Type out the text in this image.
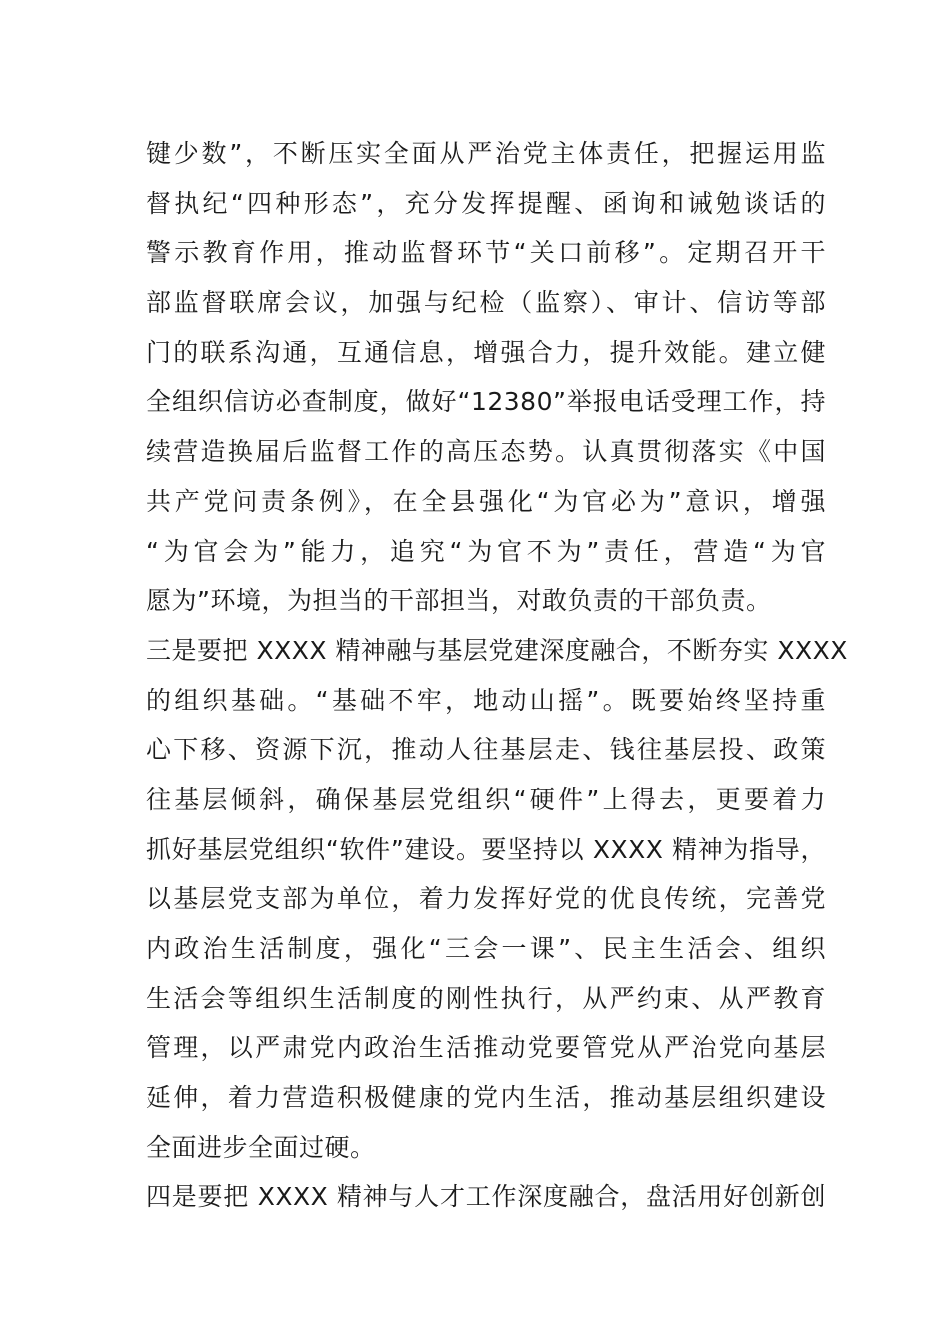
键少数”，不断压实全面从严治党主体责任，把握运用监
督执纪“四种形态”，充分发挥提醒、函询和诫勉谈话的
警示教育作用，推动监督环节“关口前移”。定期召开干
部监督联席会议，加强与纪检（监察）、审计、信访等部
门的联系沟通，互通信息，增强合力，提升效能。建立健
全组织信访必查制度，做好“12380”举报电话受理工作，持
续营造换届后监督工作的高压态势。认真贯彻落实《中国
共产党问责条例》，在全县强化“为官必为”意识，增强
“为官会为”能力，追究“为官不为”责任，营造“为官
愿为”环境，为担当的干部担当，对敢负责的干部负责。
三是要把 XXXX 精神融与基层党建深度融合，不断夯实 XXXX
的组织基础。“基础不牢，地动山摇”。既要始终坚持重
心下移、资源下沉，推动人往基层走、钱往基层投、政策
往基层倾斜，确保基层党组织“硬件”上得去，更要着力
抓好基层党组织“软件”建设。要坚持以 XXXX 精神为指导，
以基层党支部为单位，着力发挥好党的优良传统，完善党
内政治生活制度，强化“三会一课”、民主生活会、组织
生活会等组织生活制度的刚性执行，从严约束、从严教育
管理，以严肃党内政治生活推动党要管党从严治党向基层
延伸，着力营造积极健康的党内生活，推动基层组织建设
全面进步全面过硬。
四是要把 XXXX 精神与人才工作深度融合，盘活用好创新创
